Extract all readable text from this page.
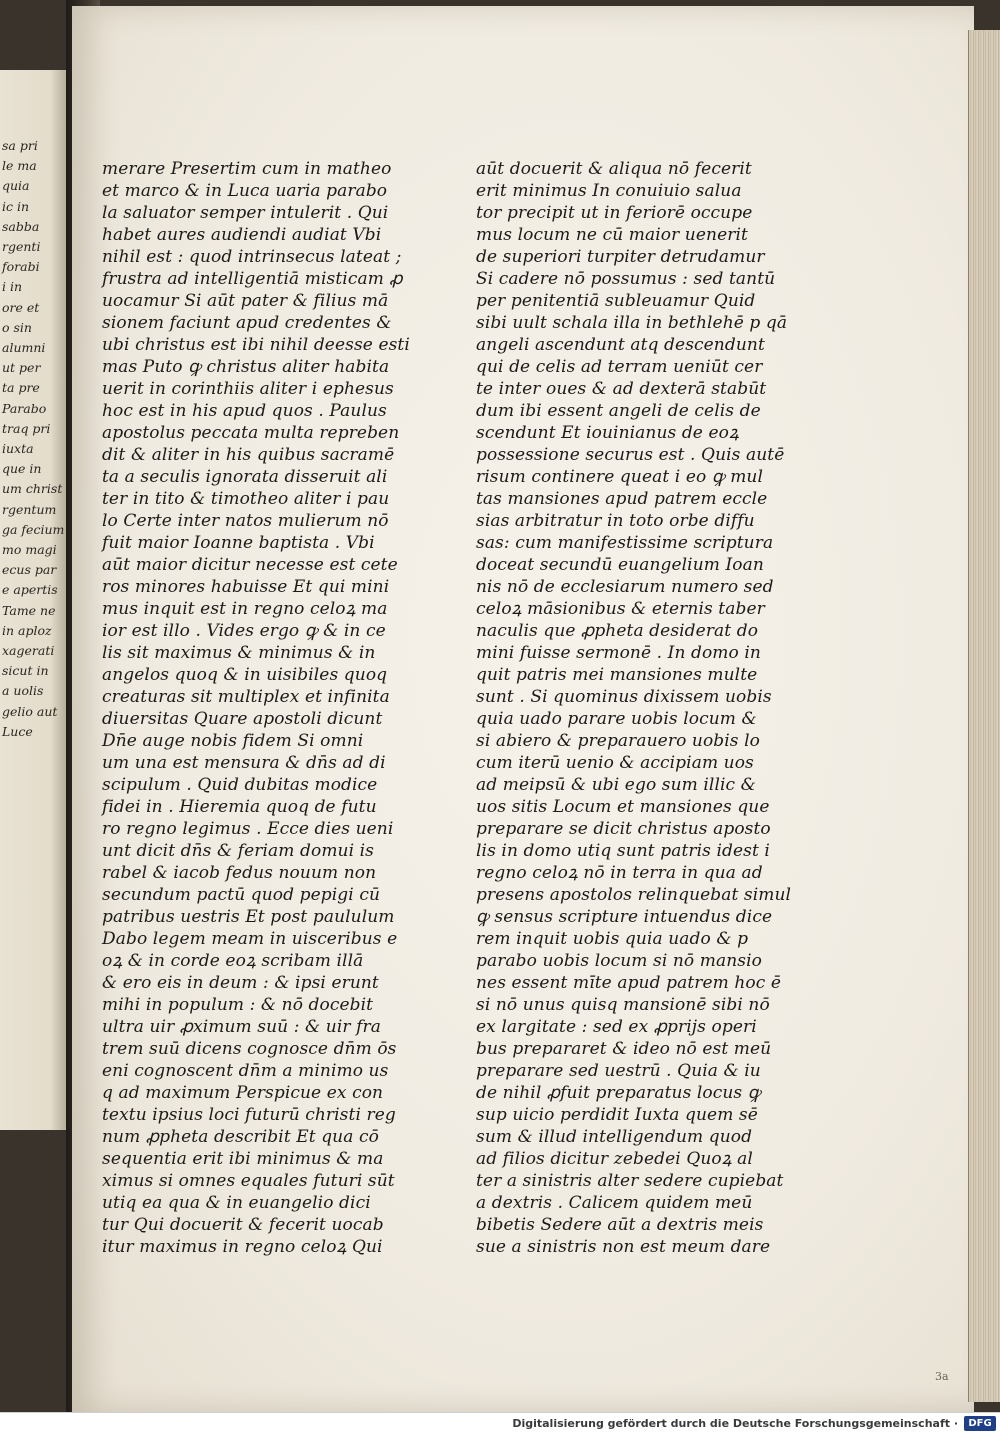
sa pri
le ma
quia
ic in
sabba
rgenti
forabi
i in
ore et
o sin
alumni
ut per
ta pre
Parabo
traq pri
iuxta
que in
um christ
rgentum
ga fecium
mo magi
ecus par
e apertis
Tame ne
in aploz
xagerati
sicut in
a uolis
gelio aut
Luce
merare Presertim cum in matheo
et marco & in Luca uaria parabo
la saluator semper intulerit . Qui
habet aures audiendi audiat Vbi
nihil est : quod intrinsecus lateat ;
frustra ad intelligentiā misticam ꝓ
uocamur Si aūt pater & filius mā
sionem faciunt apud credentes &
ubi christus est ibi nihil deesse esti
mas Puto ꝙ christus aliter habita
uerit in corinthiis aliter i ephesus
hoc est in his apud quos . Paulus
apostolus peccata multa repreben
dit & aliter in his quibus sacramē
ta a seculis ignorata disseruit ali
ter in tito & timotheo aliter i pau
lo Certe inter natos mulierum nō
fuit maior Ioanne baptista . Vbi
aūt maior dicitur necesse est cete
ros minores habuisse Et qui mini
mus inquit est in regno celoꝝ ma
ior est illo . Vides ergo ꝙ & in ce
lis sit maximus & minimus & in
angelos quoq & in uisibiles quoq
creaturas sit multiplex et infinita
diuersitas Quare apostoli dicunt
Dn̄e auge nobis fidem Si omni
um una est mensura & dn̄s ad di
scipulum . Quid dubitas modice
fidei in . Hieremia quoq de futu
ro regno legimus . Ecce dies ueni
unt dicit dn̄s & feriam domui is
rabel & iacob fedus nouum non
secundum pactū quod pepigi cū
patribus uestris Et post paululum
Dabo legem meam in uisceribus e
oꝝ & in corde eoꝝ scribam illā
& ero eis in deum : & ipsi erunt
mihi in populum : & nō docebit
ultra uir ꝓximum suū : & uir fra
trem suū dicens cognosce dn̄m ōs
eni cognoscent dn̄m a minimo us
q ad maximum Perspicue ex con
textu ipsius loci futurū christi reg
num ꝓpheta describit Et qua cō
sequentia erit ibi minimus & ma
ximus si omnes equales futuri sūt
utiq ea qua & in euangelio dici
tur Qui docuerit & fecerit uocab
itur maximus in regno celoꝝ Qui
aūt docuerit & aliqua nō fecerit
erit minimus In conuiuio salua
tor precipit ut in feriorē occupe
mus locum ne cū maior uenerit
de superiori turpiter detrudamur
Si cadere nō possumus : sed tantū
per penitentiā subleuamur Quid
sibi uult schala illa in bethlehē p qā
angeli ascendunt atq descendunt
qui de celis ad terram ueniūt cer
te inter oues & ad dexterā stabūt
dum ibi essent angeli de celis de
scendunt Et iouinianus de eoꝝ
possessione securus est . Quis autē
risum continere queat i eo ꝙ mul
tas mansiones apud patrem eccle
sias arbitratur in toto orbe diffu
sas: cum manifestissime scriptura
doceat secundū euangelium Ioan
nis nō de ecclesiarum numero sed
celoꝝ māsionibus & eternis taber
naculis que ꝓpheta desiderat do
mini fuisse sermonē . In domo in
quit patris mei mansiones multe
sunt . Si quominus dixissem uobis
quia uado parare uobis locum &
si abiero & preparauero uobis lo
cum iterū uenio & accipiam uos
ad meipsū & ubi ego sum illic &
uos sitis Locum et mansiones que
preparare se dicit christus aposto
lis in domo utiq sunt patris idest i
regno celoꝝ nō in terra in qua ad
presens apostolos relinquebat simul
ꝙ sensus scripture intuendus dice
rem inquit uobis quia uado & p
parabo uobis locum si nō mansio
nes essent mīte apud patrem hoc ē
si nō unus quisq mansionē sibi nō
ex largitate : sed ex ꝓprijs operi
bus prepararet & ideo nō est meū
preparare sed uestrū . Quia & iu
de nihil ꝓfuit preparatus locus ꝙ
sup uicio perdidit Iuxta quem sē
sum & illud intelligendum quod
ad filios dicitur zebedei Quoꝝ al
ter a sinistris alter sedere cupiebat
a dextris . Calicem quidem meū
bibetis Sedere aūt a dextris meis
sue a sinistris non est meum dare
3a
Digitalisierung gefördert durch die Deutsche Forschungsgemeinschaft ·	DFG
